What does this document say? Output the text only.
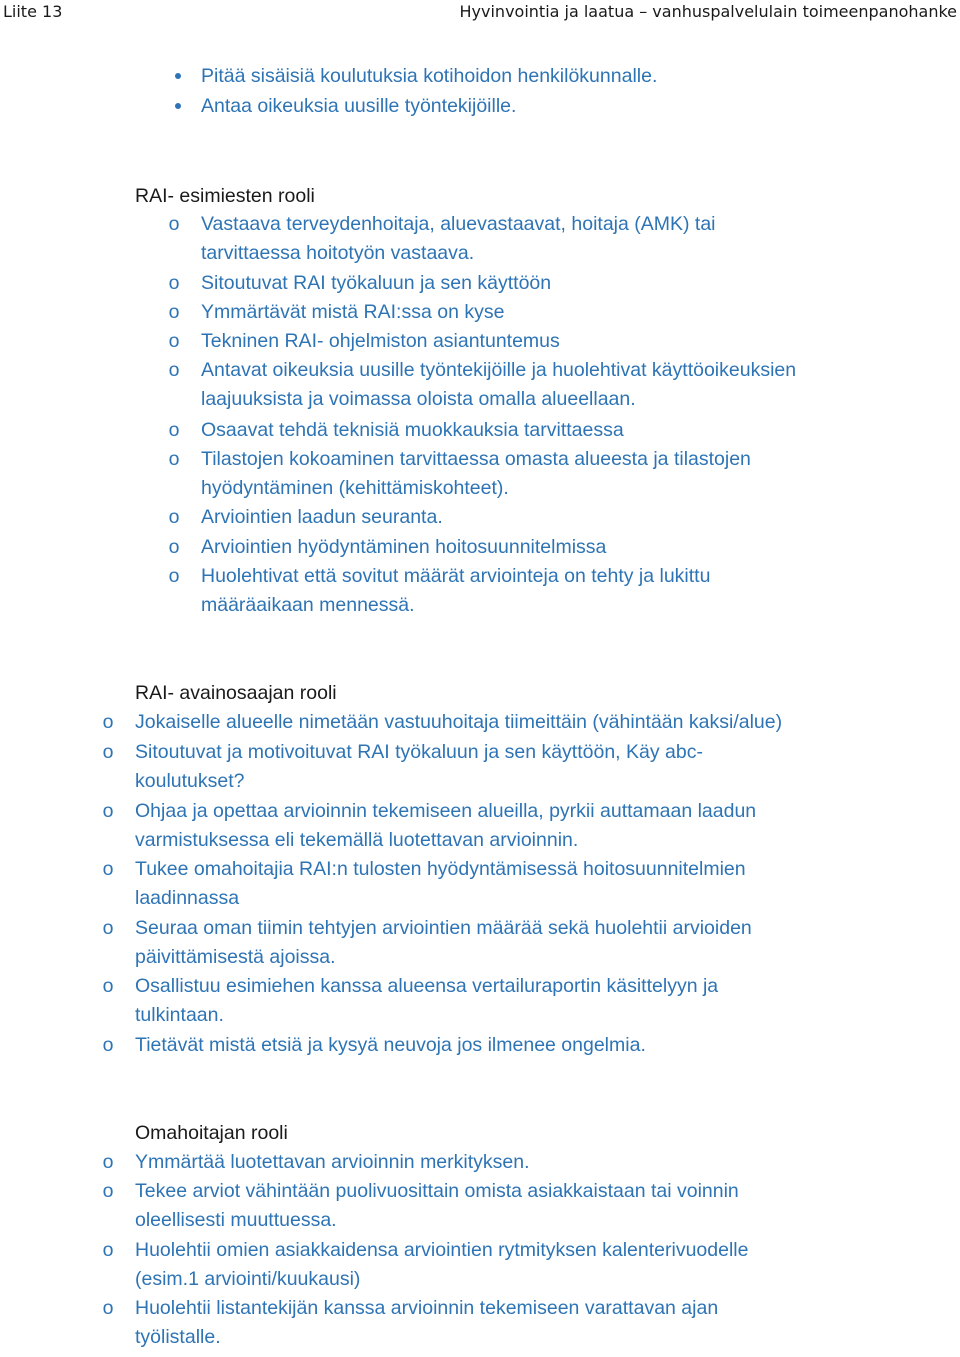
Liite 13	Hyvinvointia ja laatua – vanhuspalvelulain toimeenpanohanke
Pitää sisäisiä koulutuksia kotihoidon henkilökunnalle.
Antaa oikeuksia uusille työntekijöille.
RAI- esimiesten rooli
o Vastaava terveydenhoitaja, aluevastaavat, hoitaja (AMK) tai
tarvittaessa hoitotyön vastaava.
o Sitoutuvat RAI työkaluun ja sen käyttöön
o Ymmärtävät mistä RAI:ssa on kyse
o Tekninen RAI- ohjelmiston asiantuntemus
o Antavat oikeuksia uusille työntekijöille ja huolehtivat käyttöoikeuksien
laajuuksista ja voimassa oloista omalla alueellaan.
o Osaavat tehdä teknisiä muokkauksia tarvittaessa
o Tilastojen kokoaminen tarvittaessa omasta alueesta ja tilastojen
hyödyntäminen (kehittämiskohteet).
o Arviointien laadun seuranta.
o Arviointien hyödyntäminen hoitosuunnitelmissa
o Huolehtivat että sovitut määrät arviointeja on tehty ja lukittu
määräaikaan mennessä.
RAI- avainosaajan rooli
o Jokaiselle alueelle nimetään vastuuhoitaja tiimeittäin (vähintään kaksi/alue)
o Sitoutuvat ja motivoituvat RAI työkaluun ja sen käyttöön, Käy abc-
koulutukset?
o Ohjaa ja opettaa arvioinnin tekemiseen alueilla, pyrkii auttamaan laadun
varmistuksessa eli tekemällä luotettavan arvioinnin.
o Tukee omahoitajia RAI:n tulosten hyödyntämisessä hoitosuunnitelmien
laadinnassa
o Seuraa oman tiimin tehtyjen arviointien määrää sekä huolehtii arvioiden
päivittämisestä ajoissa.
o Osallistuu esimiehen kanssa alueensa vertailuraportin käsittelyyn ja
tulkintaan.
o Tietävät mistä etsiä ja kysyä neuvoja jos ilmenee ongelmia.
Omahoitajan rooli
o Ymmärtää luotettavan arvioinnin merkityksen.
o Tekee arviot vähintään puolivuosittain omista asiakkaistaan tai voinnin
oleellisesti muuttuessa.
o Huolehtii omien asiakkaidensa arviointien rytmityksen kalenterivuodelle
(esim.1 arviointi/kuukausi)
o Huolehtii listantekijän kanssa arvioinnin tekemiseen varattavan ajan
työlistalle.
